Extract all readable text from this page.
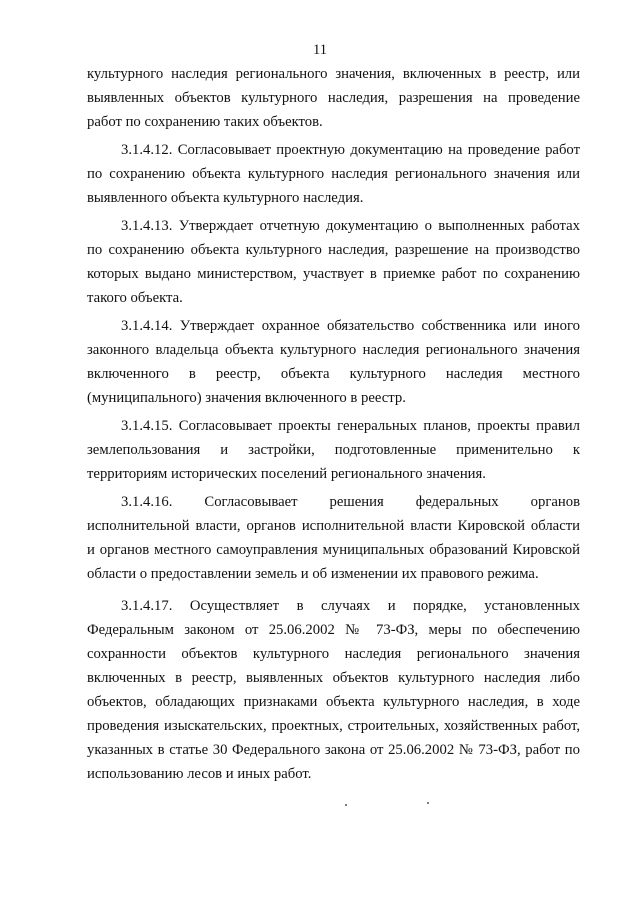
11
культурного наследия регионального значения, включенных в реестр, или
выявленных объектов культурного наследия, разрешения на проведение
работ по сохранению таких объектов.
3.1.4.12. Согласовывает проектную документацию на проведение работ
по сохранению объекта культурного наследия регионального значения или
выявленного объекта культурного наследия.
3.1.4.13. Утверждает отчетную документацию о выполненных работах
по сохранению объекта культурного наследия, разрешение на производство
которых выдано министерством, участвует в приемке работ по сохранению
такого объекта.
3.1.4.14. Утверждает охранное обязательство собственника или иного
законного владельца объекта культурного наследия регионального значения
включенного в реестр, объекта культурного наследия местного
(муниципального) значения включенного в реестр.
3.1.4.15. Согласовывает проекты генеральных планов, проекты правил
землепользования и застройки, подготовленные применительно к
территориям исторических поселений регионального значения.
3.1.4.16. Согласовывает решения федеральных органов
исполнительной власти, органов исполнительной власти Кировской области
и органов местного самоуправления муниципальных образований Кировской
области о предоставлении земель и об изменении их правового режима.
3.1.4.17. Осуществляет в случаях и порядке, установленных
Федеральным законом от 25.06.2002 № 73-ФЗ, меры по обеспечению
сохранности объектов культурного наследия регионального значения
включенных в реестр, выявленных объектов культурного наследия либо
объектов, обладающих признаками объекта культурного наследия, в ходе
проведения изыскательских, проектных, строительных, хозяйственных работ,
указанных в статье 30 Федерального закона от 25.06.2002 № 73-ФЗ, работ по
использованию лесов и иных работ.
